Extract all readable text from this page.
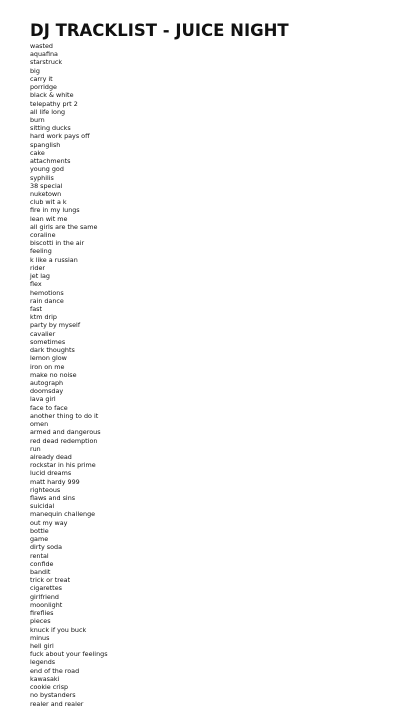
DJ TRACKLIST - JUICE NIGHT
wasted
aquafina
starstruck
big
carry it
porridge
black & white
telepathy prt 2
all life long
burn
sitting ducks
hard work pays off
spanglish
cake
attachments
young god
syphilis
38 special
nuketown
club wit a k
fire in my lungs
lean wit me
all girls are the same
coraline
biscotti in the air
feeling
k like a russian
rider
jet lag
flex
hemotions
rain dance
fast
ktm drip
party by myself
cavalier
sometimes
dark thoughts
lemon glow
iron on me
make no noise
autograph
doomsday
lava girl
face to face
another thing to do it
omen
armed and dangerous
red dead redemption
run
already dead
rockstar in his prime
lucid dreams
matt hardy 999
righteous
flaws and sins
suicidal
manequin challenge
out my way
bottle
game
dirty soda
rental
confide
bandit
trick or treat
cigarettes
girlfriend
moonlight
fireflies
pieces
knuck if you buck
minus
hell girl
fuck about your feelings
legends
end of the road
kawasaki
cookie crisp
no bystanders
realer and realer
